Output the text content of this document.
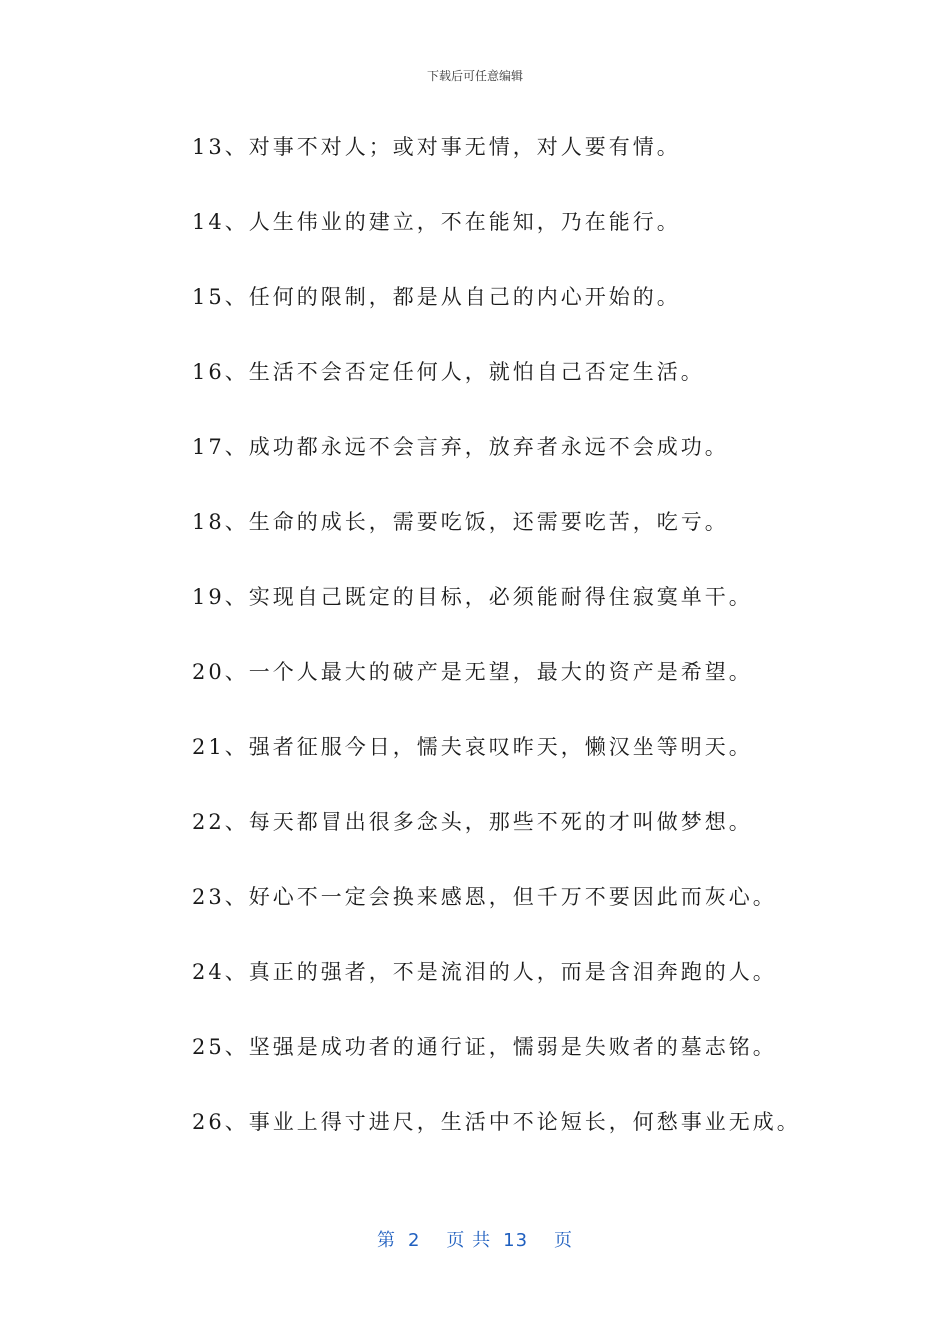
下载后可任意编辑
13、对事不对人；或对事无情，对人要有情。
14、人生伟业的建立，不在能知，乃在能行。
15、任何的限制，都是从自己的内心开始的。
16、生活不会否定任何人，就怕自己否定生活。
17、成功都永远不会言弃，放弃者永远不会成功。
18、生命的成长，需要吃饭，还需要吃苦，吃亏。
19、实现自己既定的目标，必须能耐得住寂寞单干。
20、一个人最大的破产是无望，最大的资产是希望。
21、强者征服今日，懦夫哀叹昨天，懒汉坐等明天。
22、每天都冒出很多念头，那些不死的才叫做梦想。
23、好心不一定会换来感恩，但千万不要因此而灰心。
24、真正的强者，不是流泪的人，而是含泪奔跑的人。
25、坚强是成功者的通行证，懦弱是失败者的墓志铭。
26、事业上得寸进尺，生活中不论短长，何愁事业无成。
第 2 页 共 13 页
